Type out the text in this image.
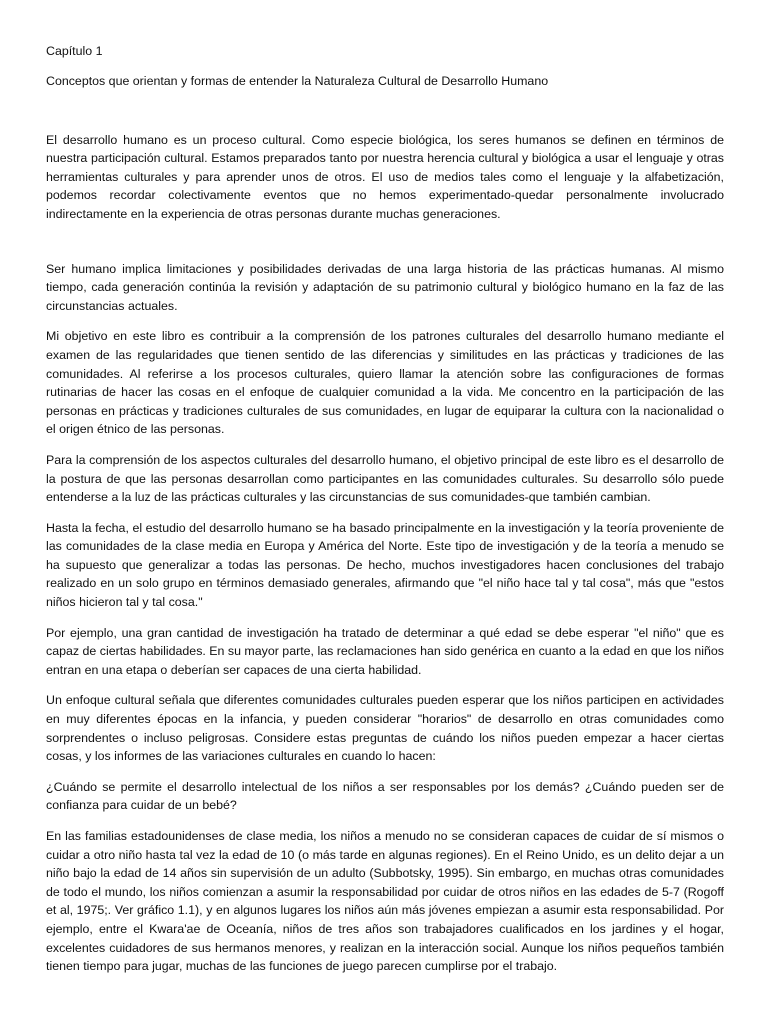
Capítulo 1

Conceptos que orientan y formas de entender la Naturaleza Cultural de Desarrollo Humano

El desarrollo humano es un proceso cultural. Como especie biológica, los seres humanos se definen en términos de nuestra participación cultural. Estamos preparados tanto por nuestra herencia cultural y biológica a usar el lenguaje y otras herramientas culturales y para aprender unos de otros. El uso de medios tales como el lenguaje y la alfabetización, podemos recordar colectivamente eventos que no hemos experimentado-quedar personalmente involucrado indirectamente en la experiencia de otras personas durante muchas generaciones.

Ser humano implica limitaciones y posibilidades derivadas de una larga historia de las prácticas humanas. Al mismo tiempo, cada generación continúa la revisión y adaptación de su patrimonio cultural y biológico humano en la faz de las circunstancias actuales.

Mi objetivo en este libro es contribuir a la comprensión de los patrones culturales del desarrollo humano mediante el examen de las regularidades que tienen sentido de las diferencias y similitudes en las prácticas y tradiciones de las comunidades. Al referirse a los procesos culturales, quiero llamar la atención sobre las configuraciones de formas rutinarias de hacer las cosas en el enfoque de cualquier comunidad a la vida. Me concentro en la participación de las personas en prácticas y tradiciones culturales de sus comunidades, en lugar de equiparar la cultura con la nacionalidad o el origen étnico de las personas.

Para la comprensión de los aspectos culturales del desarrollo humano, el objetivo principal de este libro es el desarrollo de la postura de que las personas desarrollan como participantes en las comunidades culturales. Su desarrollo sólo puede entenderse a la luz de las prácticas culturales y las circunstancias de sus comunidades-que también cambian.

Hasta la fecha, el estudio del desarrollo humano se ha basado principalmente en la investigación y la teoría proveniente de las comunidades de la clase media en Europa y América del Norte. Este tipo de investigación y de la teoría a menudo se ha supuesto que generalizar a todas las personas. De hecho, muchos investigadores hacen conclusiones del trabajo realizado en un solo grupo en términos demasiado generales, afirmando que "el niño hace tal y tal cosa", más que "estos niños hicieron tal y tal cosa."

Por ejemplo, una gran cantidad de investigación ha tratado de determinar a qué edad se debe esperar "el niño" que es capaz de ciertas habilidades. En su mayor parte, las reclamaciones han sido genérica en cuanto a la edad en que los niños entran en una etapa o deberían ser capaces de una cierta habilidad.

Un enfoque cultural señala que diferentes comunidades culturales pueden esperar que los niños participen en actividades en muy diferentes épocas en la infancia, y pueden considerar "horarios" de desarrollo en otras comunidades como sorprendentes o incluso peligrosas. Considere estas preguntas de cuándo los niños pueden empezar a hacer ciertas cosas, y los informes de las variaciones culturales en cuando lo hacen:

¿Cuándo se permite el desarrollo intelectual de los niños a ser responsables por los demás? ¿Cuándo pueden ser de confianza para cuidar de un bebé?

En las familias estadounidenses de clase media, los niños a menudo no se consideran capaces de cuidar de sí mismos o cuidar a otro niño hasta tal vez la edad de 10 (o más tarde en algunas regiones). En el Reino Unido, es un delito dejar a un niño bajo la edad de 14 años sin supervisión de un adulto (Subbotsky, 1995). Sin embargo, en muchas otras comunidades de todo el mundo, los niños comienzan a asumir la responsabilidad por cuidar de otros niños en las edades de 5-7 (Rogoff et al, 1975;. Ver gráfico 1.1), y en algunos lugares los niños aún más jóvenes empiezan a asumir esta responsabilidad. Por ejemplo, entre el Kwara'ae de Oceanía, niños de tres años son trabajadores cualificados en los jardines y el hogar, excelentes cuidadores de sus hermanos menores, y realizan en la interacción social. Aunque los niños pequeños también tienen tiempo para jugar, muchas de las funciones de juego parecen cumplirse por el trabajo.
